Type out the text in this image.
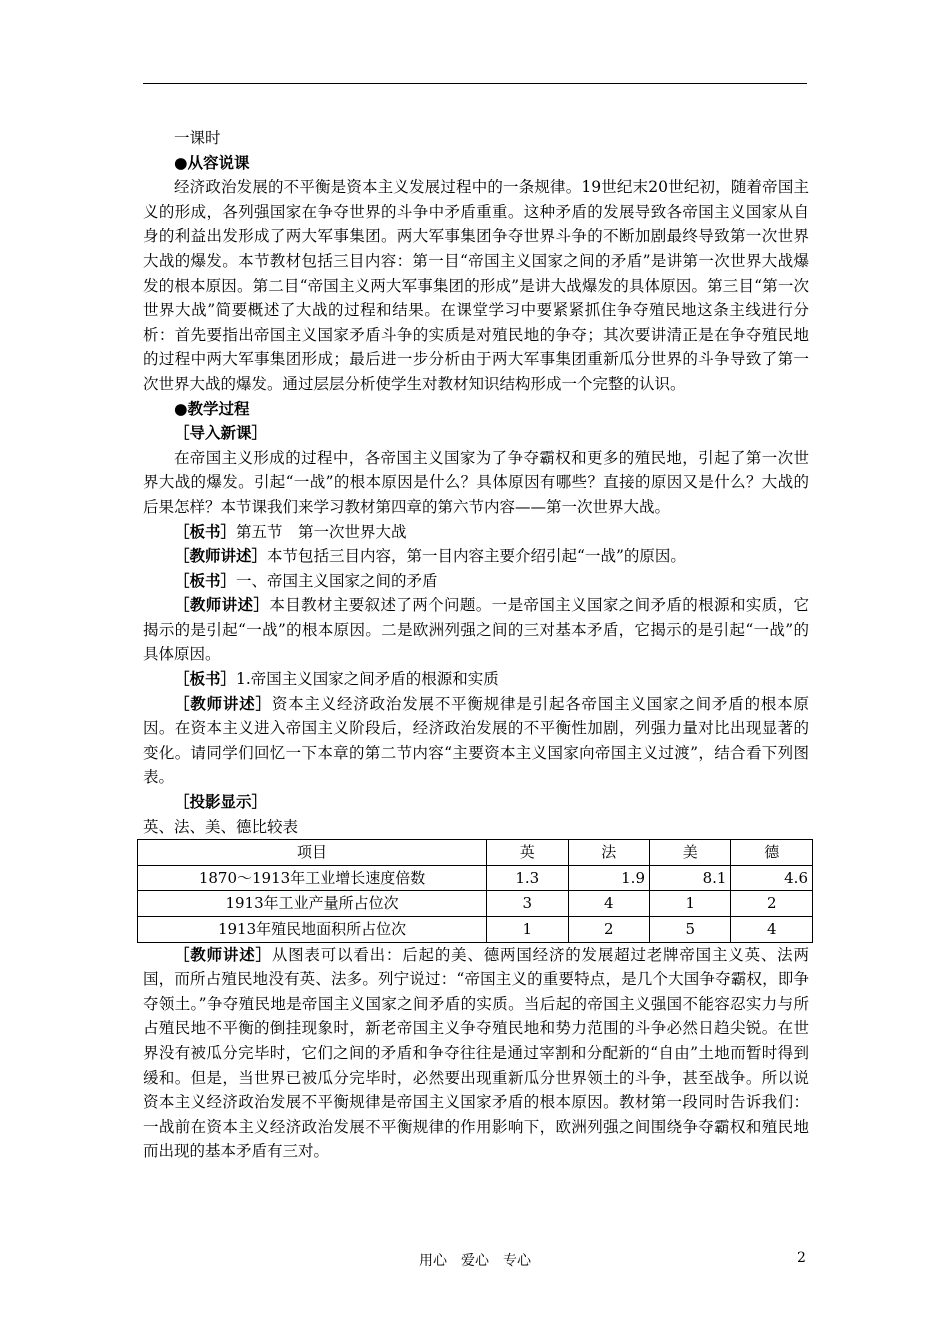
一课时

●从容说课

经济政治发展的不平衡是资本主义发展过程中的一条规律。19世纪末20世纪初，随着帝国主义的形成，各列强国家在争夺世界的斗争中矛盾重重。这种矛盾的发展导致各帝国主义国家从自身的利益出发形成了两大军事集团。两大军事集团争夺世界斗争的不断加剧最终导致第一次世界大战的爆发。本节教材包括三目内容：第一目“帝国主义国家之间的矛盾”是讲第一次世界大战爆发的根本原因。第二目“帝国主义两大军事集团的形成”是讲大战爆发的具体原因。第三目“第一次世界大战”简要概述了大战的过程和结果。在课堂学习中要紧紧抓住争夺殖民地这条主线进行分析：首先要指出帝国主义国家矛盾斗争的实质是对殖民地的争夺；其次要讲清正是在争夺殖民地的过程中两大军事集团形成；最后进一步分析由于两大军事集团重新瓜分世界的斗争导致了第一次世界大战的爆发。通过层层分析使学生对教材知识结构形成一个完整的认识。

●教学过程

［导入新课］

在帝国主义形成的过程中，各帝国主义国家为了争夺霸权和更多的殖民地，引起了第一次世界大战的爆发。引起“一战”的根本原因是什么？具体原因有哪些？直接的原因又是什么？大战的后果怎样？本节课我们来学习教材第四章的第六节内容——第一次世界大战。

［板书］第五节　第一次世界大战

［教师讲述］本节包括三目内容，第一目内容主要介绍引起“一战”的原因。

［板书］一、帝国主义国家之间的矛盾

［教师讲述］本目教材主要叙述了两个问题。一是帝国主义国家之间矛盾的根源和实质，它揭示的是引起“一战”的根本原因。二是欧洲列强之间的三对基本矛盾，它揭示的是引起“一战”的具体原因。

［板书］1.帝国主义国家之间矛盾的根源和实质

［教师讲述］资本主义经济政治发展不平衡规律是引起各帝国主义国家之间矛盾的根本原因。在资本主义进入帝国主义阶段后，经济政治发展的不平衡性加剧，列强力量对比出现显著的变化。请同学们回忆一下本章的第二节内容“主要资本主义国家向帝国主义过渡”，结合看下列图表。

［投影显示］

英、法、美、德比较表

项目	英	法	美	德
1870～1913年工业增长速度倍数	1.3	1.9	8.1	4.6
1913年工业产量所占位次	3	4	1	2
1913年殖民地面积所占位次	1	2	5	4

［教师讲述］从图表可以看出：后起的美、德两国经济的发展超过老牌帝国主义英、法两国，而所占殖民地没有英、法多。列宁说过：“帝国主义的重要特点，是几个大国争夺霸权，即争夺领土。”争夺殖民地是帝国主义国家之间矛盾的实质。当后起的帝国主义强国不能容忍实力与所占殖民地不平衡的倒挂现象时，新老帝国主义争夺殖民地和势力范围的斗争必然日趋尖锐。在世界没有被瓜分完毕时，它们之间的矛盾和争夺往往是通过宰割和分配新的“自由”土地而暂时得到缓和。但是，当世界已被瓜分完毕时，必然要出现重新瓜分世界领土的斗争，甚至战争。所以说资本主义经济政治发展不平衡规律是帝国主义国家矛盾的根本原因。教材第一段同时告诉我们：一战前在资本主义经济政治发展不平衡规律的作用影响下，欧洲列强之间围绕争夺霸权和殖民地而出现的基本矛盾有三对。

用心　爱心　专心	2
